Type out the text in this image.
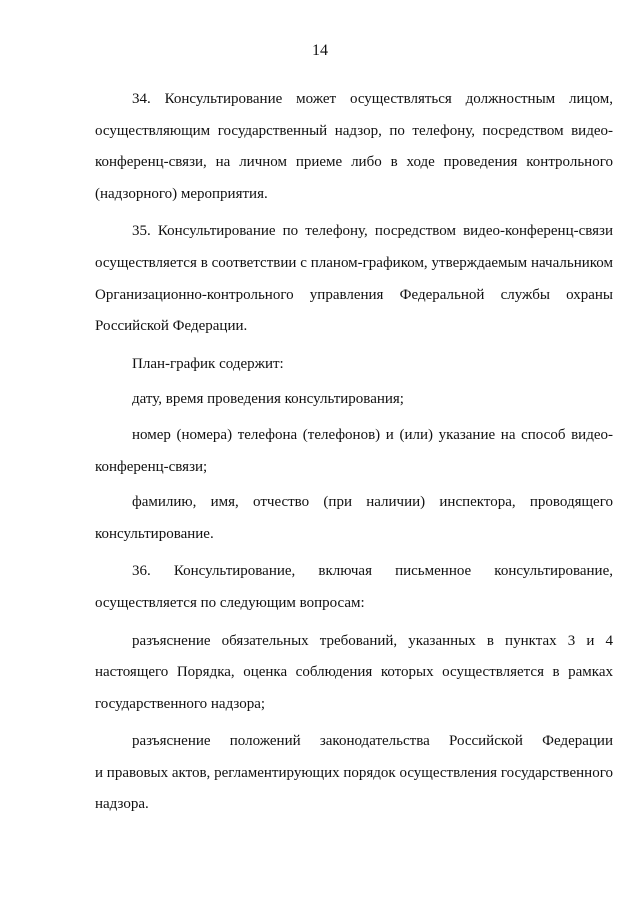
14
34. Консультирование может осуществляться должностным лицом,
осуществляющим государственный надзор, по телефону, посредством видео-
конференц-связи, на личном приеме либо в ходе проведения контрольного
(надзорного) мероприятия.
35. Консультирование по телефону, посредством видео-конференц-связи
осуществляется в соответствии с планом-графиком, утверждаемым начальником
Организационно-контрольного управления Федеральной службы охраны
Российской Федерации.
План-график содержит:
дату, время проведения консультирования;
номер (номера) телефона (телефонов) и (или) указание на способ видео-
конференц-связи;
фамилию, имя, отчество (при наличии) инспектора, проводящего
консультирование.
36. Консультирование, включая письменное консультирование,
осуществляется по следующим вопросам:
разъяснение обязательных требований, указанных в пунктах 3 и 4
настоящего Порядка, оценка соблюдения которых осуществляется в рамках
государственного надзора;
разъяснение положений законодательства Российской Федерации
и правовых актов, регламентирующих порядок осуществления государственного
надзора.
